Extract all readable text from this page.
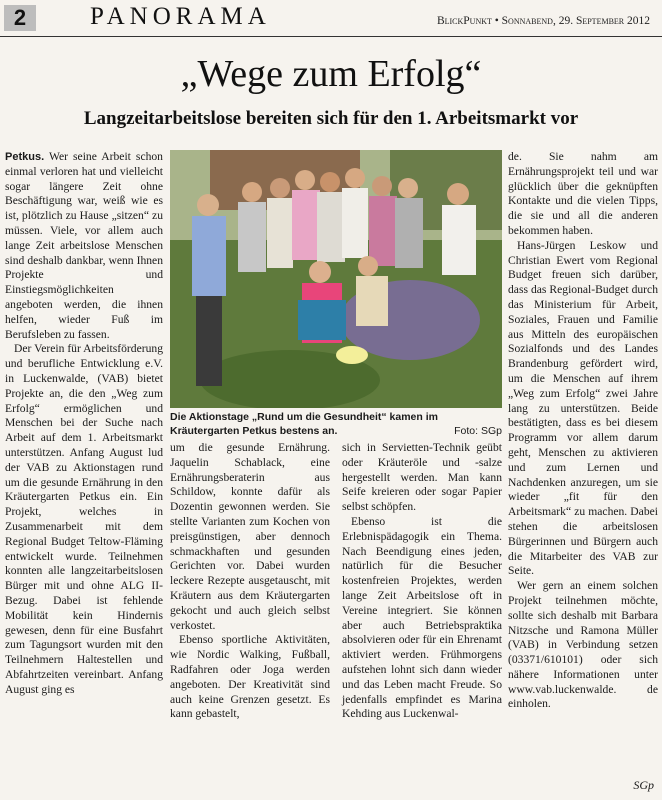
2	PANORAMA	BlickPunkt • Sonnabend, 29. September 2012
„Wege zum Erfolg“
Langzeitarbeitslose bereiten sich für den 1. Arbeitsmarkt vor

Petkus. Wer seine Arbeit schon einmal verloren hat und vielleicht sogar längere Zeit ohne Beschäftigung war, weiß wie es ist, plötzlich zu Hause „sitzen“ zu müssen. Viele, vor allem auch lange Zeit arbeitslose Menschen sind deshalb dankbar, wenn Ihnen Projekte und Einstiegsmöglichkeiten angeboten werden, die ihnen helfen, wieder Fuß im Berufsleben zu fassen.

Der Verein für Arbeitsförderung und berufliche Entwicklung e.V. in Luckenwalde, (VAB) bietet Projekte an, die den „Weg zum Erfolg“ ermöglichen und Menschen bei der Suche nach Arbeit auf dem 1. Arbeitsmarkt unterstützen. Anfang August lud der VAB zu Aktionstagen rund um die gesunde Ernährung in den Kräutergarten Petkus ein. Ein Projekt, welches in Zusammenarbeit mit dem Regional Budget Teltow-Fläming entwickelt wurde. Teilnehmen konnten alle langzeitarbeitslosen Bürger mit und ohne ALG II-Bezug. Dabei ist fehlende Mobilität kein Hindernis gewesen, denn für eine Busfahrt zum Tagungsort wurden mit den Teilnehmern Haltestellen und Abfahrtzeiten vereinbart. Anfang August ging es

Die Aktionstage „Rund um die Gesundheit“ kamen im Kräutergarten Petkus bestens an.	Foto: SGp

um die gesunde Ernährung. Jaquelin Schablack, eine Ernährungsberaterin aus Schildow, konnte dafür als Dozentin gewonnen werden. Sie stellte Varianten zum Kochen von preisgünstigen, aber dennoch schmackhaften und gesunden Gerichten vor. Dabei wurden leckere Rezepte ausgetauscht, mit Kräutern aus dem Kräutergarten gekocht und auch gleich selbst verkostet.

Ebenso sportliche Aktivitäten, wie Nordic Walking, Fußball, Radfahren oder Joga werden angeboten. Der Kreativität sind auch keine Grenzen gesetzt. Es kann gebastelt,

sich in Servietten-Technik geübt oder Kräuteröle und -salze hergestellt werden. Man kann Seife kreieren oder sogar Papier selbst schöpfen.

Ebenso ist die Erlebnispädagogik ein Thema. Nach Beendigung eines jeden, natürlich für die Besucher kostenfreien Projektes, werden lange Zeit Arbeitslose oft in Vereine integriert. Sie können aber auch Betriebspraktika absolvieren oder für ein Ehrenamt aktiviert werden. Frühmorgens aufstehen lohnt sich dann wieder und das Leben macht Freude. So jedenfalls empfindet es Marina Kehding aus Luckenwal-

de. Sie nahm am Ernährungsprojekt teil und war glücklich über die geknüpften Kontakte und die vielen Tipps, die sie und all die anderen bekommen haben.

Hans-Jürgen Leskow und Christian Ewert vom Regional Budget freuen sich darüber, dass das Regional-Budget durch das Ministerium für Arbeit, Soziales, Frauen und Familie aus Mitteln des europäischen Sozialfonds und des Landes Brandenburg gefördert wird, um die Menschen auf ihrem „Weg zum Erfolg“ zwei Jahre lang zu unterstützen. Beide bestätigten, dass es bei diesem Programm vor allem darum geht, Menschen zu aktivieren und zum Lernen und Nachdenken anzuregen, um sie wieder „fit für den Arbeitsmark“ zu machen. Dabei stehen die arbeitslosen Bürgerinnen und Bürgern auch die Mitarbeiter des VAB zur Seite.

Wer gern an einem solchen Projekt teilnehmen möchte, sollte sich deshalb mit Barbara Nitzsche und Ramona Müller (VAB) in Verbindung setzen (03371/610101) oder sich nähere Informationen unter www.vab.luckenwalde. de einholen.

SGp
